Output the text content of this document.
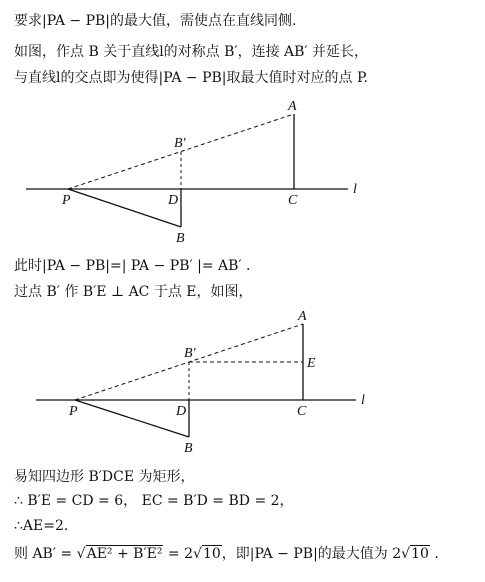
要求|PA − PB|的最大值，需使点在直线同侧.
如图，作点 B 关于直线l的对称点 B′，连接 AB′ 并延长，
与直线l的交点即为使得|PA − PB|取最大值时对应的点 P.
A
B′
P	D	C
B
l
此时|PA − PB|=| PA − PB′ |= AB′ .
过点 B′ 作 B′E ⊥ AC 于点 E，如图，
A
B′
E
P	D	C
B
l
易知四边形 B′DCE 为矩形，
∴ B′E = CD = 6， EC = B′D = BD = 2，
∴AE=2.
则 AB′ = √AE² + B′E² = 2√10，即|PA − PB|的最大值为 2√10 .
